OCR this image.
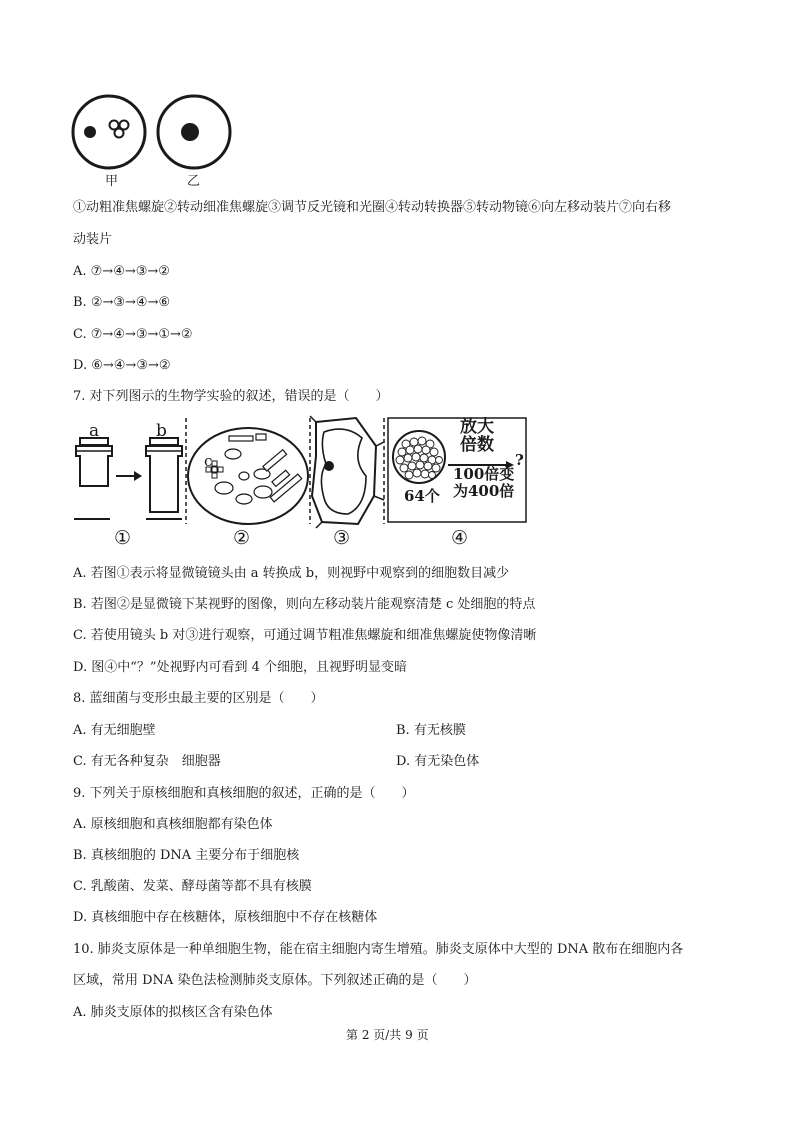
甲	乙
①动粗准焦螺旋②转动细准焦螺旋③调节反光镜和光圈④转动转换器⑤转动物镜⑥向左移动装片⑦向右移
动装片
A. ⑦→④→③→②
B. ②→③→④→⑥
C. ⑦→④→③→①→②
D. ⑥→④→③→②
7. 对下列图示的生物学实验的叙述，错误的是（　　）
a	b
c
放大
倍数
100倍变
为400倍
?
64个
①	②	③	④
A. 若图①表示将显微镜镜头由 a 转换成 b，则视野中观察到的细胞数目减少
B. 若图②是显微镜下某视野的图像，则向左移动装片能观察清楚 c 处细胞的特点
C. 若使用镜头 b 对③进行观察，可通过调节粗准焦螺旋和细准焦螺旋使物像清晰
D. 图④中“？”处视野内可看到 4 个细胞，且视野明显变暗
8. 蓝细菌与变形虫最主要的区别是（　　）
A. 有无细胞壁	B. 有无核膜
C. 有无各种复杂　细胞器	D. 有无染色体
9. 下列关于原核细胞和真核细胞的叙述，正确的是（　　）
A. 原核细胞和真核细胞都有染色体
B. 真核细胞的 DNA 主要分布于细胞核
C. 乳酸菌、发菜、酵母菌等都不具有核膜
D. 真核细胞中存在核糖体，原核细胞中不存在核糖体
10. 肺炎支原体是一种单细胞生物，能在宿主细胞内寄生增殖。肺炎支原体中大型的 DNA 散布在细胞内各
区域，常用 DNA 染色法检测肺炎支原体。下列叙述正确的是（　　）
A. 肺炎支原体的拟核区含有染色体
第 2 页/共 9 页
